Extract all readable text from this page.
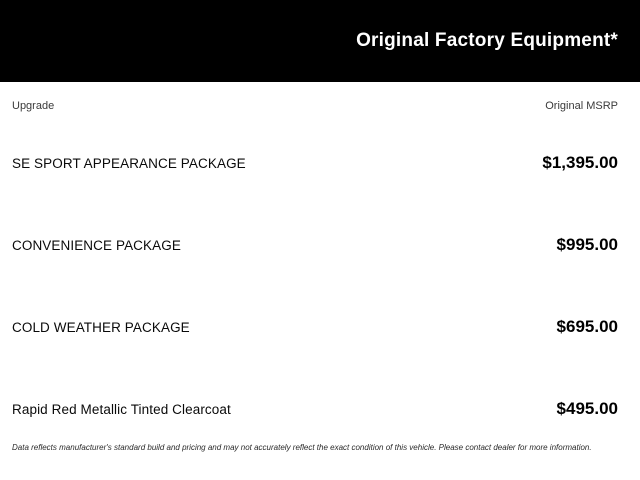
Original Factory Equipment*
Upgrade	Original MSRP
SE SPORT APPEARANCE PACKAGE	$1,395.00
CONVENIENCE PACKAGE	$995.00
COLD WEATHER PACKAGE	$695.00
Rapid Red Metallic Tinted Clearcoat	$495.00
Data reflects manufacturer's standard build and pricing and may not accurately reflect the exact condition of this vehicle. Please contact dealer for more information.
